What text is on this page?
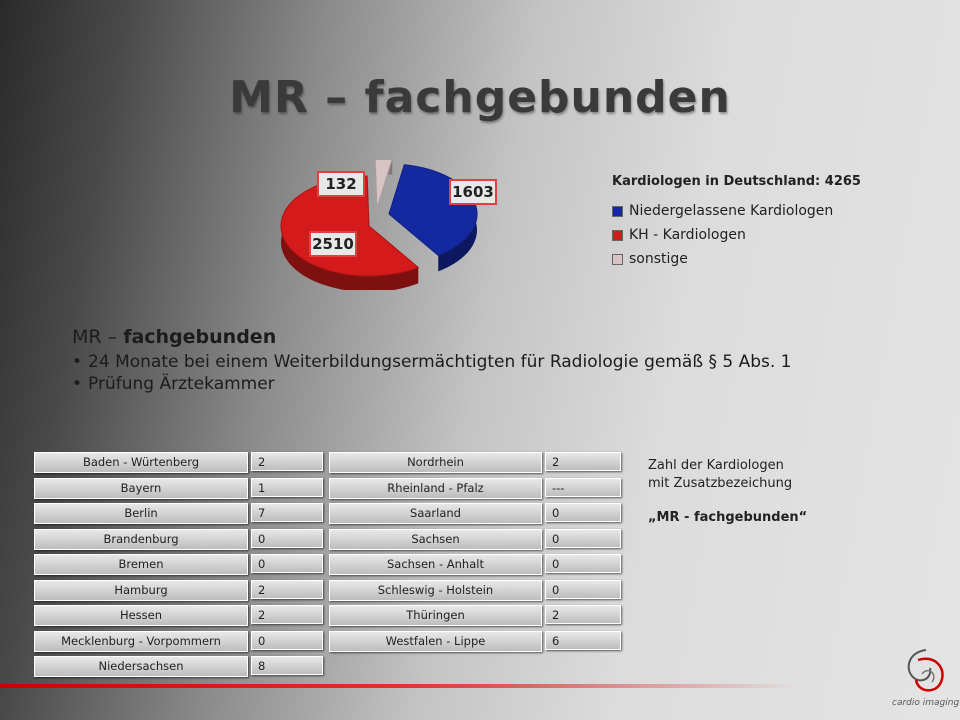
MR – fachgebunden
1603
2510
132	Kardiologen in Deutschland: 4265
Niedergelassene Kardiologen
KH - Kardiologen
sonstige
MR – fachgebunden
• 24 Monate bei einem Weiterbildungsermächtigten für Radiologie gemäß § 5 Abs. 1
• Prüfung Ärztekammer
Baden - Würtenberg	2
Bayern	1
Berlin	7
Brandenburg	0
Bremen	0
Hamburg	2
Hessen	2
Mecklenburg - Vorpommern	0
Niedersachsen	8
Nordrhein	2
Rheinland - Pfalz	---
Saarland	0
Sachsen	0
Sachsen - Anhalt	0
Schleswig - Holstein	0
Thüringen	2
Westfalen - Lippe	6
Zahl der Kardiologen
mit Zusatzbezeichung
„MR - fachgebunden“
cardio imaging
